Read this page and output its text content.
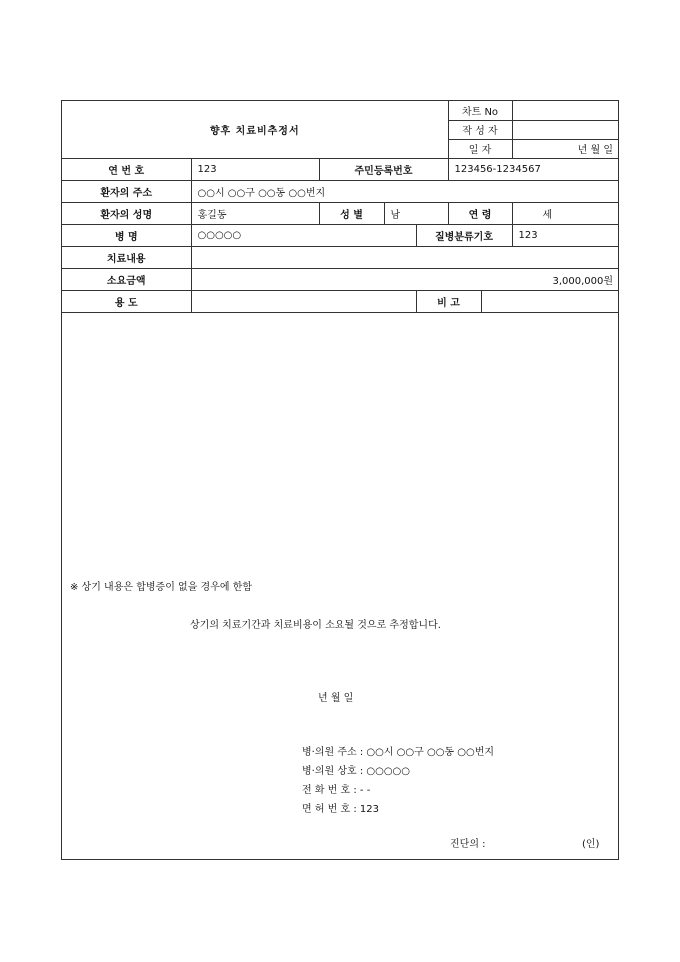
향후 치료비추정서					차트 No		
					작 성 자		
					일 자		년 월 일
연 번 호	123	주민등록번호			123456-1234567		
환자의 주소	○○시 ○○구 ○○동 ○○번지						
환자의 성명	홍길동	성 별	남		연 령		세
병 명	○○○○○			질병분류기호			123
치료내용							
소요금액	3,000,000원						
용 도				비 고			
※ 상기 내용은 합병증이 없을 경우에 한함
상기의 치료기간과 치료비용이 소요될 것으로 추정합니다.
년 월 일
병·의원 주소 : ○○시 ○○구 ○○동 ○○번지
병·의원 상호 : ○○○○○
전 화 번 호 : - -
면 허 번 호 : 123
진단의 :	(인)
